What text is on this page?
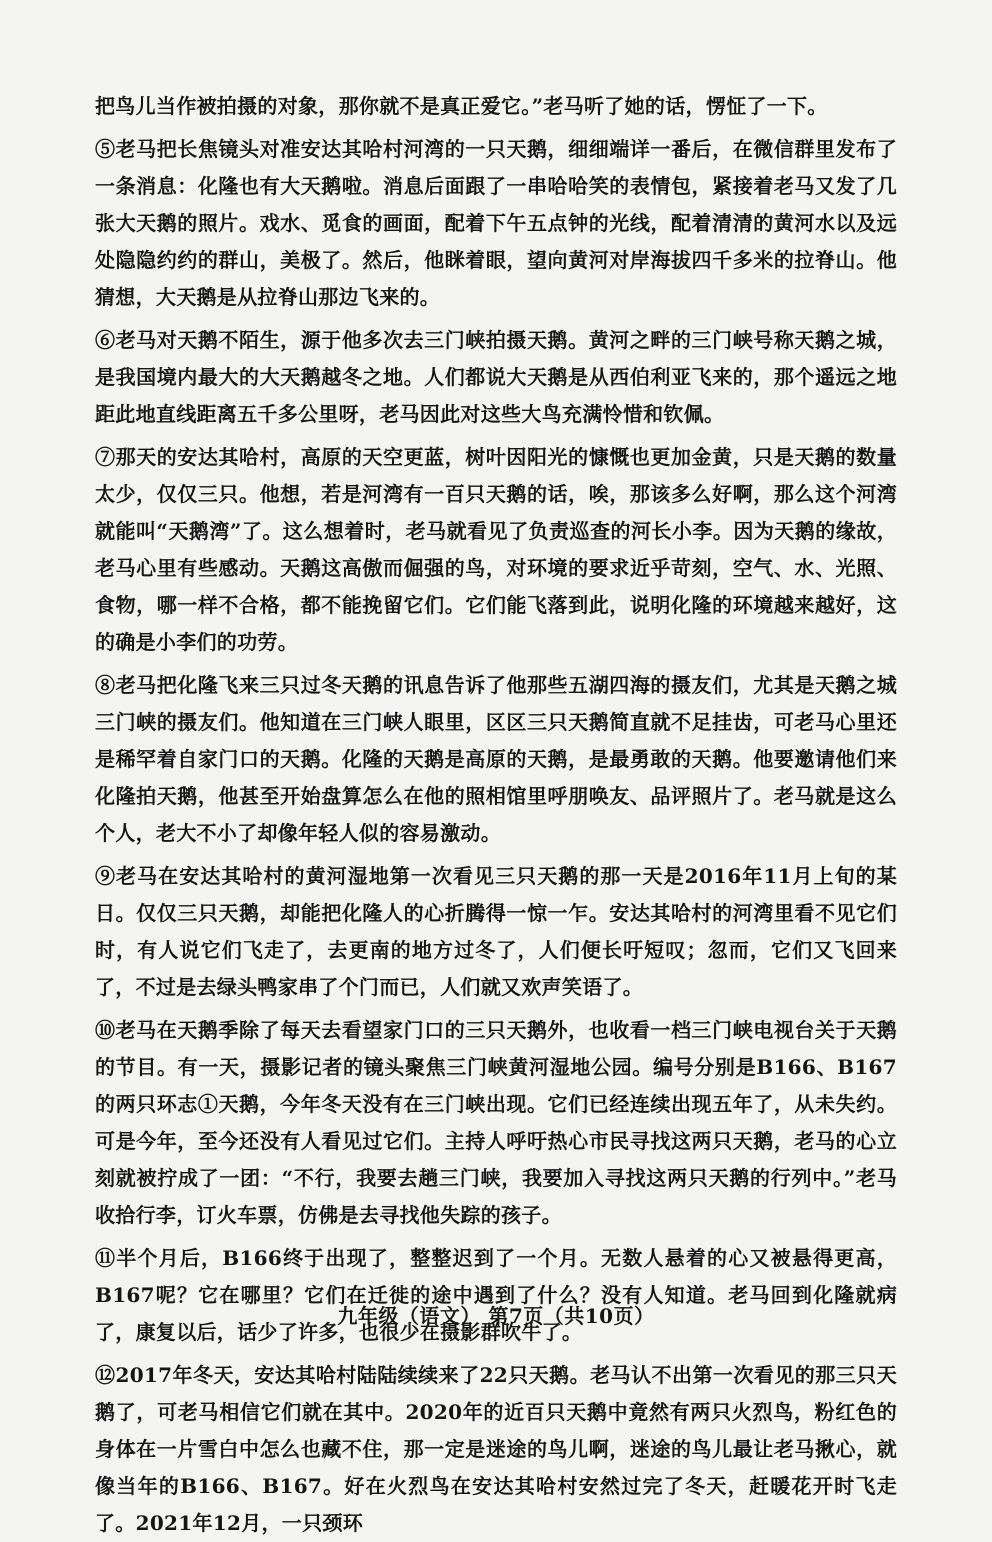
把鸟儿当作被拍摄的对象，那你就不是真正爱它。”老马听了她的话，愣怔了一下。

⑤老马把长焦镜头对准安达其哈村河湾的一只天鹅，细细端详一番后，在微信群里发布了一条消息：化隆也有大天鹅啦。消息后面跟了一串哈哈笑的表情包，紧接着老马又发了几张大天鹅的照片。戏水、觅食的画面，配着下午五点钟的光线，配着清清的黄河水以及远处隐隐约约的群山，美极了。然后，他眯着眼，望向黄河对岸海拔四千多米的拉脊山。他猜想，大天鹅是从拉脊山那边飞来的。

⑥老马对天鹅不陌生，源于他多次去三门峡拍摄天鹅。黄河之畔的三门峡号称天鹅之城，是我国境内最大的大天鹅越冬之地。人们都说大天鹅是从西伯利亚飞来的，那个遥远之地距此地直线距离五千多公里呀，老马因此对这些大鸟充满怜惜和钦佩。

⑦那天的安达其哈村，高原的天空更蓝，树叶因阳光的慷慨也更加金黄，只是天鹅的数量太少，仅仅三只。他想，若是河湾有一百只天鹅的话，唉，那该多么好啊，那么这个河湾就能叫“天鹅湾”了。这么想着时，老马就看见了负责巡查的河长小李。因为天鹅的缘故，老马心里有些感动。天鹅这高傲而倔强的鸟，对环境的要求近乎苛刻，空气、水、光照、食物，哪一样不合格，都不能挽留它们。它们能飞落到此，说明化隆的环境越来越好，这的确是小李们的功劳。

⑧老马把化隆飞来三只过冬天鹅的讯息告诉了他那些五湖四海的摄友们，尤其是天鹅之城三门峡的摄友们。他知道在三门峡人眼里，区区三只天鹅简直就不足挂齿，可老马心里还是稀罕着自家门口的天鹅。化隆的天鹅是高原的天鹅，是最勇敢的天鹅。他要邀请他们来化隆拍天鹅，他甚至开始盘算怎么在他的照相馆里呼朋唤友、品评照片了。老马就是这么个人，老大不小了却像年轻人似的容易激动。

⑨老马在安达其哈村的黄河湿地第一次看见三只天鹅的那一天是2016年11月上旬的某日。仅仅三只天鹅，却能把化隆人的心折腾得一惊一乍。安达其哈村的河湾里看不见它们时，有人说它们飞走了，去更南的地方过冬了，人们便长吁短叹；忽而，它们又飞回来了，不过是去绿头鸭家串了个门而已，人们就又欢声笑语了。

⑩老马在天鹅季除了每天去看望家门口的三只天鹅外，也收看一档三门峡电视台关于天鹅的节目。有一天，摄影记者的镜头聚焦三门峡黄河湿地公园。编号分别是B166、B167的两只环志①天鹅，今年冬天没有在三门峡出现。它们已经连续出现五年了，从未失约。可是今年，至今还没有人看见过它们。主持人呼吁热心市民寻找这两只天鹅，老马的心立刻就被拧成了一团：“不行，我要去趟三门峡，我要加入寻找这两只天鹅的行列中。”老马收拾行李，订火车票，仿佛是去寻找他失踪的孩子。

⑪半个月后，B166终于出现了，整整迟到了一个月。无数人悬着的心又被悬得更高，B167呢？它在哪里？它们在迁徙的途中遇到了什么？没有人知道。老马回到化隆就病了，康复以后，话少了许多，也很少在摄影群吹牛了。

⑫2017年冬天，安达其哈村陆陆续续来了22只天鹅。老马认不出第一次看见的那三只天鹅了，可老马相信它们就在其中。2020年的近百只天鹅中竟然有两只火烈鸟，粉红色的身体在一片雪白中怎么也藏不住，那一定是迷途的鸟儿啊，迷途的鸟儿最让老马揪心，就像当年的B166、B167。好在火烈鸟在安达其哈村安然过完了冬天，赶暖花开时飞走了。2021年12月，一只颈环

九年级（语文） 第7页（共10页）
